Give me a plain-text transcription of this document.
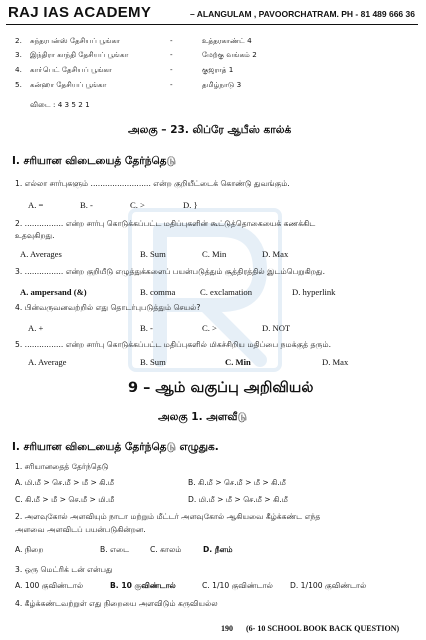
RAJ IAS ACADEMY	– ALANGULAM , PAVOORCHATRAM. PH - 81 489 666 36
2. சுந்தரபன்ஸ் தேசியப் பூங்கா	-	உத்தரகாண்ட் 4
3. இந்திரா காந்தி தேசியப் பூங்கா	-	மேற்கு வங்கம் 2
4. காா்பெட் தேசியப் பூங்கா	-	குஜராத் 1
5. கன்ஹா தேசியப் பூங்கா	-	தமிழ்நாடு 3
விடை : 4 3 5 2 1
அலகு – 23. லிப்ரே ஆபீஸ் கால்க்
I. சரியான விடையைத் தேர்ந்தெடு
1. எல்லா சார்புகளும் ......................... என்ற குறியீட்டைக் கொண்டு துவங்கும்.
A. =	B. -	C. >	D. }
2. ................ என்ற சார்பு கொடுக்கப்பட்ட மதிப்புகளின் கூட்டுத்தொகையைக் கணக்கிட
உதவுகிறது.
A. Averages	B. Sum	C. Min	D. Max
3. ................ என்ற குறியீடு எழுத்துக்களைப் பயன்படுத்தும் சூத்திரத்தில் இடம்பெறுகிறது.
A. ampersand (&)	B. comma	C. exclamation	D. hyperlink
4. பின்வருவனவற்றில் எது தொடர்புபடுத்தும் செயல்?
A. +	B. -	C. >	D. NOT
5. ................ என்ற சார்பு கொடுக்கப்பட்ட மதிப்புகளில் மிகச்சிறிய மதிப்பை நமக்குத் தரும்.
A. Average	B. Sum	C. Min	D. Max
9 – ஆம் வகுப்பு அறிவியல்
அலகு 1. அளவீடு
I. சரியான விடையைத் தேர்ந்தெடு எழுதுக.
1. சரியானதைத் தேர்ந்தெடு
A. மி.மீ > செ.மீ > மீ > கி.மீ	B. கி.மீ > செ.மீ > மீ > கி.மீ
C. கி.மீ > மீ > செ.மீ > மி.மீ	D. மி.மீ > மீ > செ.மீ > கி.மீ
2. அளவுகோல் அளவியும் நாடா மற்றும் மீட்டர் அளவுகோல் ஆகியவை கீழ்க்கண்ட எந்த
அளவை அளவிடப் பயன்படுகின்றன.
A. நிறை	B. எடை	C. காலம்	D. நீளம்
3. ஒரு மெட்ரிக் டன் என்பது
A. 100 குவிண்டால்	B. 10 குவிண்டால்	C. 1/10 குவிண்டால் D. 1/100 குவிண்டால்
4. கீழ்க்கண்டவற்றுள் எது நிறையை அளவிடும் கருவியல்ல
190 (6- 10 SCHOOL BOOK BACK QUESTION)
